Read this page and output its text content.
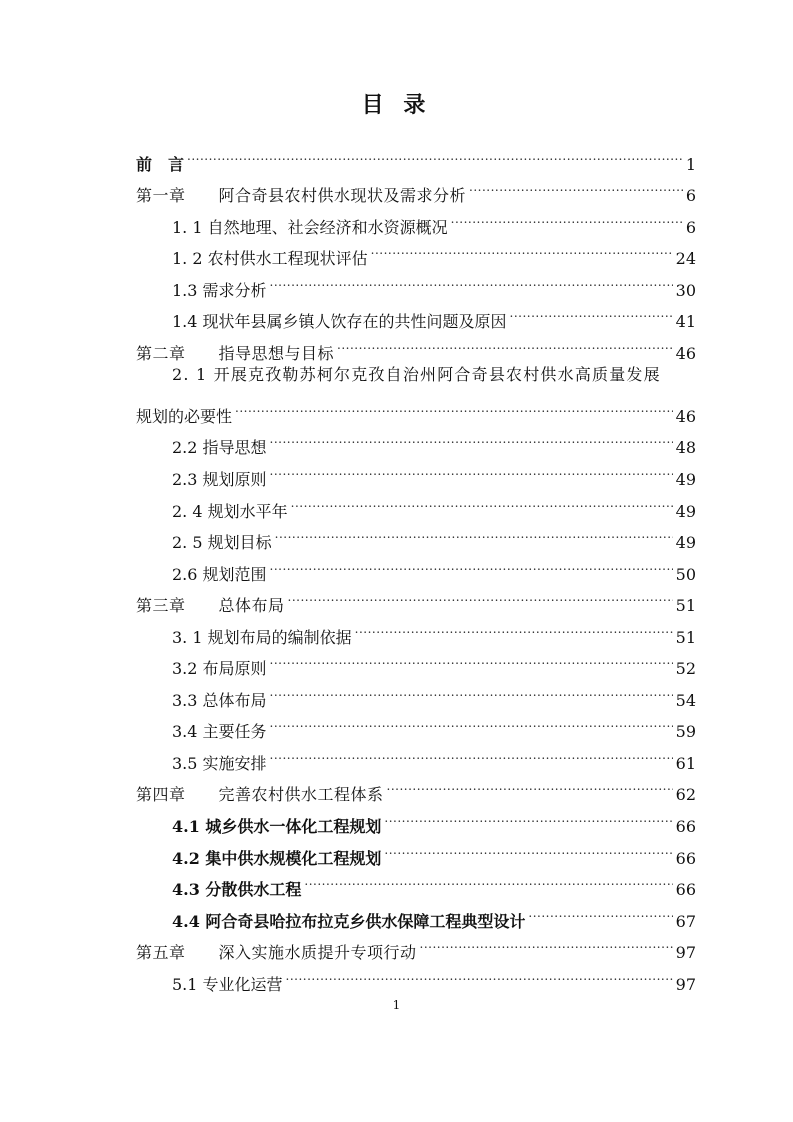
目 录
前　言 .....	1
第一章　　阿合奇县农村供水现状及需求分析 .....	6
1. 1 自然地理、社会经济和水资源概况 .....	6
1. 2 农村供水工程现状评估 .....	24
1.3 需求分析 .....	30
1.4 现状年县属乡镇人饮存在的共性问题及原因 .....	41
第二章　　指导思想与目标 .....	46
2. 1 开展克孜勒苏柯尔克孜自治州阿合奇县农村供水高质量发展
规划的必要性 .....	46
2.2 指导思想 .....	48
2.3 规划原则 .....	49
2. 4 规划水平年 .....	49
2. 5 规划目标 .....	49
2.6 规划范围 .....	50
第三章　　总体布局 .....	51
3. 1 规划布局的编制依据 .....	51
3.2 布局原则 .....	52
3.3 总体布局 .....	54
3.4 主要任务 .....	59
3.5 实施安排 .....	61
第四章　　完善农村供水工程体系 .....	62
4.1 城乡供水一体化工程规划 .....	66
4.2 集中供水规模化工程规划 .....	66
4.3 分散供水工程 .....	66
4.4 阿合奇县哈拉布拉克乡供水保障工程典型设计 .....	67
第五章　　深入实施水质提升专项行动 .....	97
5.1 专业化运营 .....	97
1
